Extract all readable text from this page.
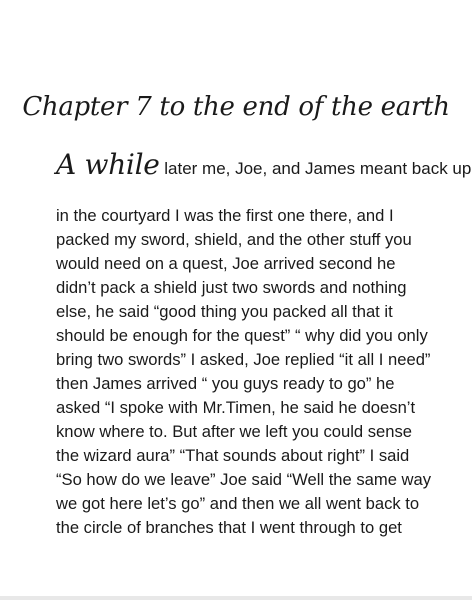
Chapter 7 to the end of the earth
A while later me, Joe, and James meant back up
in the courtyard I was the first one there, and I
packed my sword, shield, and the other stuff you
would need on a quest, Joe arrived second he
didn’t pack a shield just two swords and nothing
else, he said “good thing you packed all that it
should be enough for the quest” “ why did you only
bring two swords” I asked, Joe replied “it all I need”
then James arrived “ you guys ready to go” he
asked “I spoke with Mr.Timen, he said he doesn’t
know where to. But after we left you could sense
the wizard aura” “That sounds about right” I said
“So how do we leave” Joe said “Well the same way
we got here let’s go” and then we all went back to
the circle of branches that I went through to get
